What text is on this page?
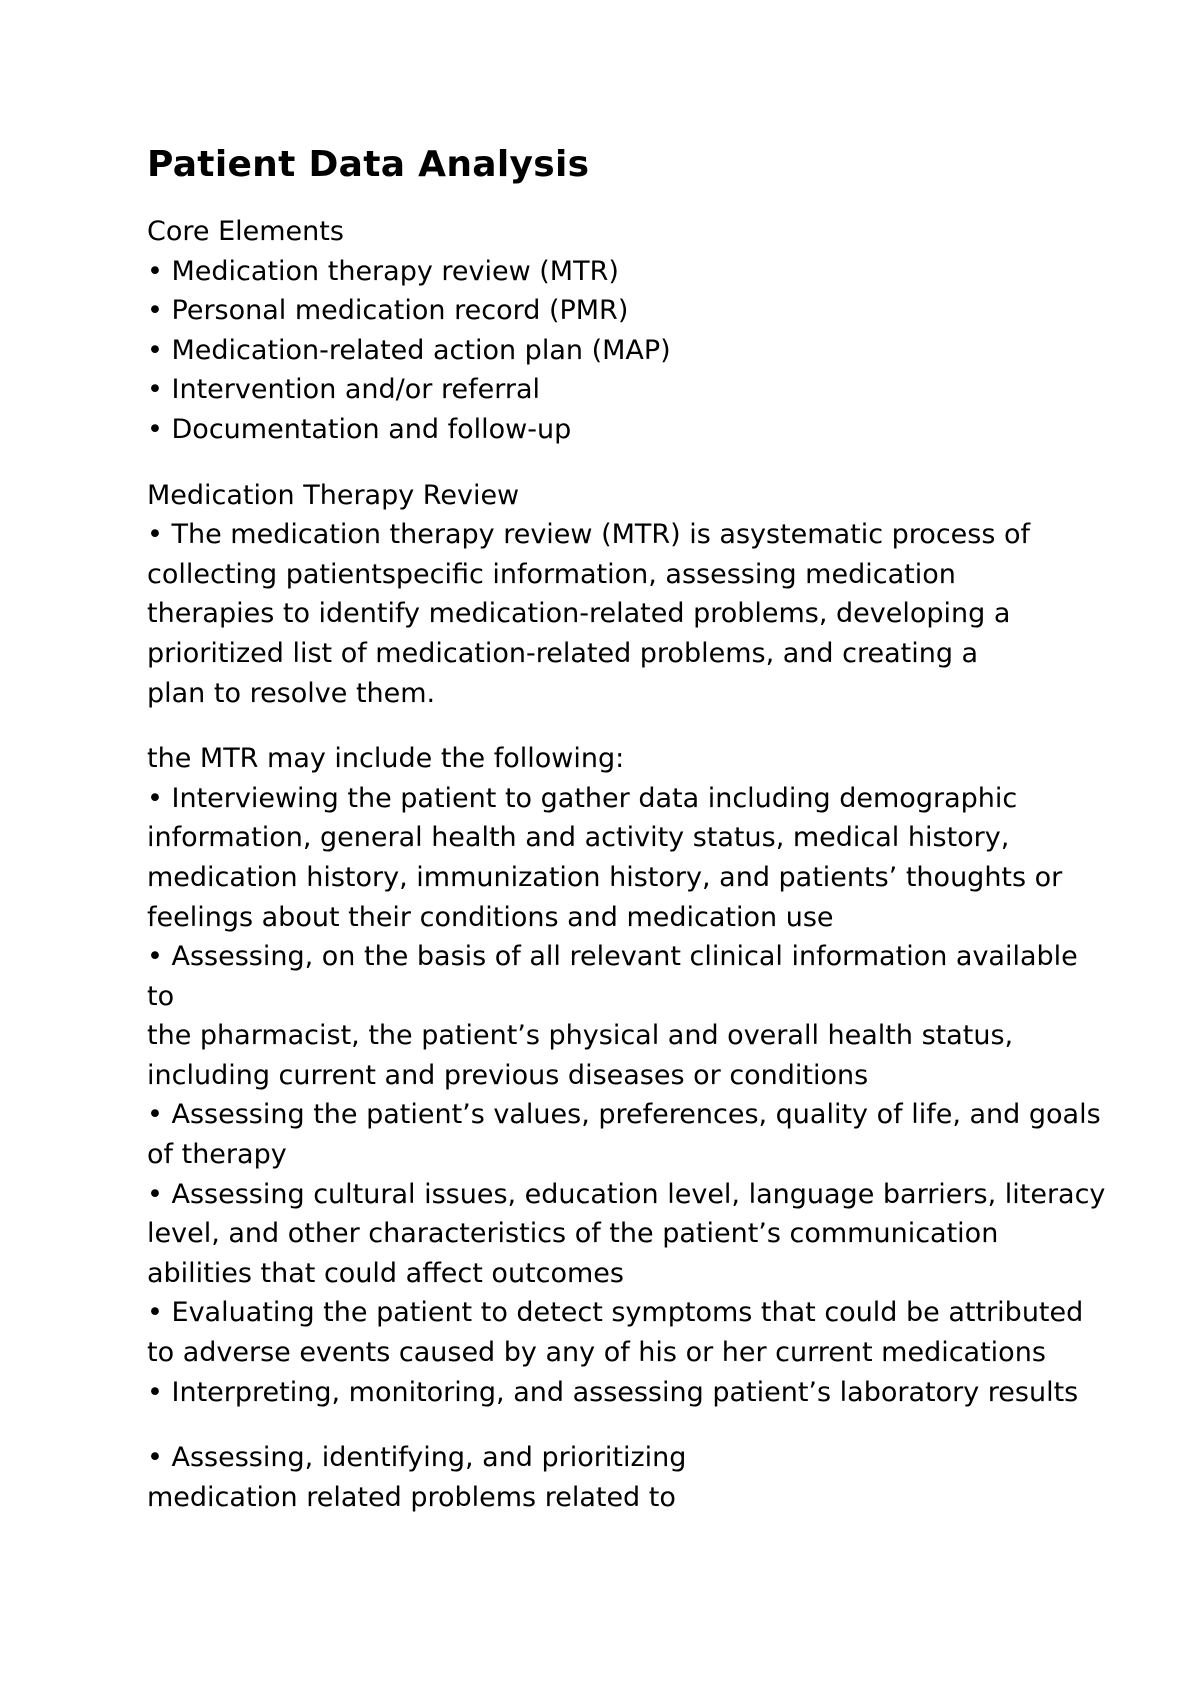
Patient Data Analysis

Core Elements

• Medication therapy review (MTR)

• Personal medication record (PMR)

• Medication-related action plan (MAP)

• Intervention and/or referral

• Documentation and follow-up

Medication Therapy Review

• The medication therapy review (MTR) is asystematic process of

collecting patientspecific information, assessing medication

therapies to identify medication-related problems, developing a

prioritized list of medication-related problems, and creating a

plan to resolve them.

the MTR may include the following:

• Interviewing the patient to gather data including demographic

information, general health and activity status, medical history,

medication history, immunization history, and patients’ thoughts or

feelings about their conditions and medication use

• Assessing, on the basis of all relevant clinical information available

to

the pharmacist, the patient’s physical and overall health status,

including current and previous diseases or conditions

• Assessing the patient’s values, preferences, quality of life, and goals

of therapy

• Assessing cultural issues, education level, language barriers, literacy

level, and other characteristics of the patient’s communication

abilities that could affect outcomes

• Evaluating the patient to detect symptoms that could be attributed

to adverse events caused by any of his or her current medications

• Interpreting, monitoring, and assessing patient’s laboratory results

• Assessing, identifying, and prioritizing

medication related problems related to
